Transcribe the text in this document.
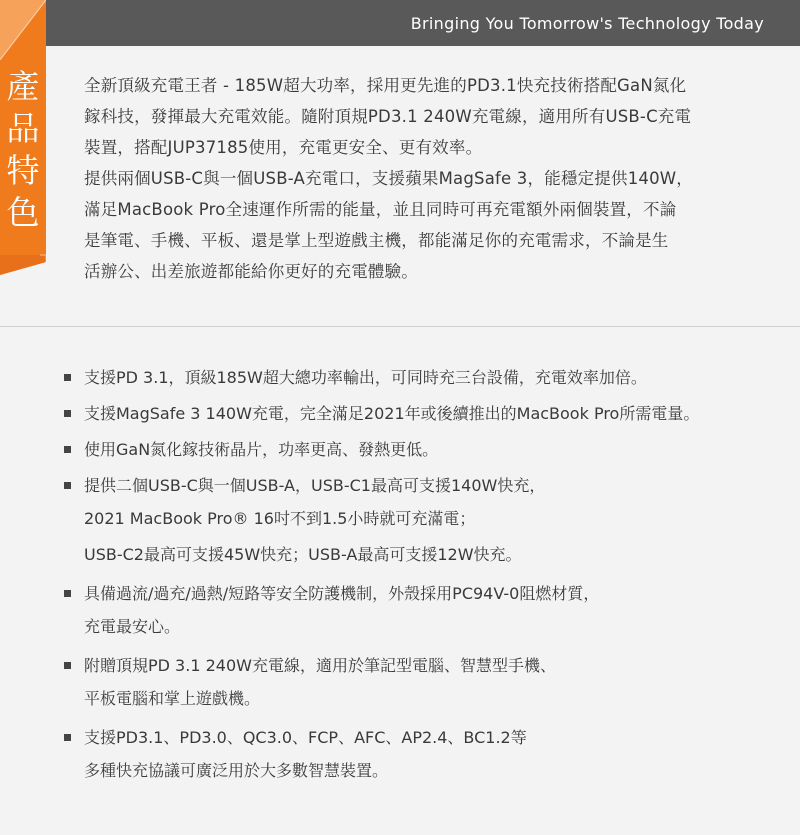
Bringing You Tomorrow's Technology Today
產
品
特
色

全新頂級充電王者 - 185W超大功率，採用更先進的PD3.1快充技術搭配GaN氮化

鎵科技，發揮最大充電效能。隨附頂規PD3.1 240W充電線，適用所有USB-C充電

裝置，搭配JUP37185使用，充電更安全、更有效率。

提供兩個USB-C與一個USB-A充電口，支援蘋果MagSafe 3，能穩定提供140W，

滿足MacBook Pro全速運作所需的能量，並且同時可再充電額外兩個裝置，不論

是筆電、手機、平板、還是掌上型遊戲主機，都能滿足你的充電需求，不論是生

活辦公、出差旅遊都能給你更好的充電體驗。

支援PD 3.1，頂級185W超大總功率輸出，可同時充三台設備，充電效率加倍。
支援MagSafe 3 140W充電，完全滿足2021年或後續推出的MacBook Pro所需電量。
使用GaN氮化鎵技術晶片，功率更高、發熱更低。
提供二個USB-C與一個USB-A，USB-C1最高可支援140W快充，
2021 MacBook Pro® 16吋不到1.5小時就可充滿電；
USB-C2最高可支援45W快充；USB-A最高可支援12W快充。
具備過流/過充/過熱/短路等安全防護機制，外殼採用PC94V-0阻燃材質，
充電最安心。
附贈頂規PD 3.1 240W充電線，適用於筆記型電腦、智慧型手機、
平板電腦和掌上遊戲機。
支援PD3.1、PD3.0、QC3.0、FCP、AFC、AP2.4、BC1.2等
多種快充協議可廣泛用於大多數智慧裝置。
